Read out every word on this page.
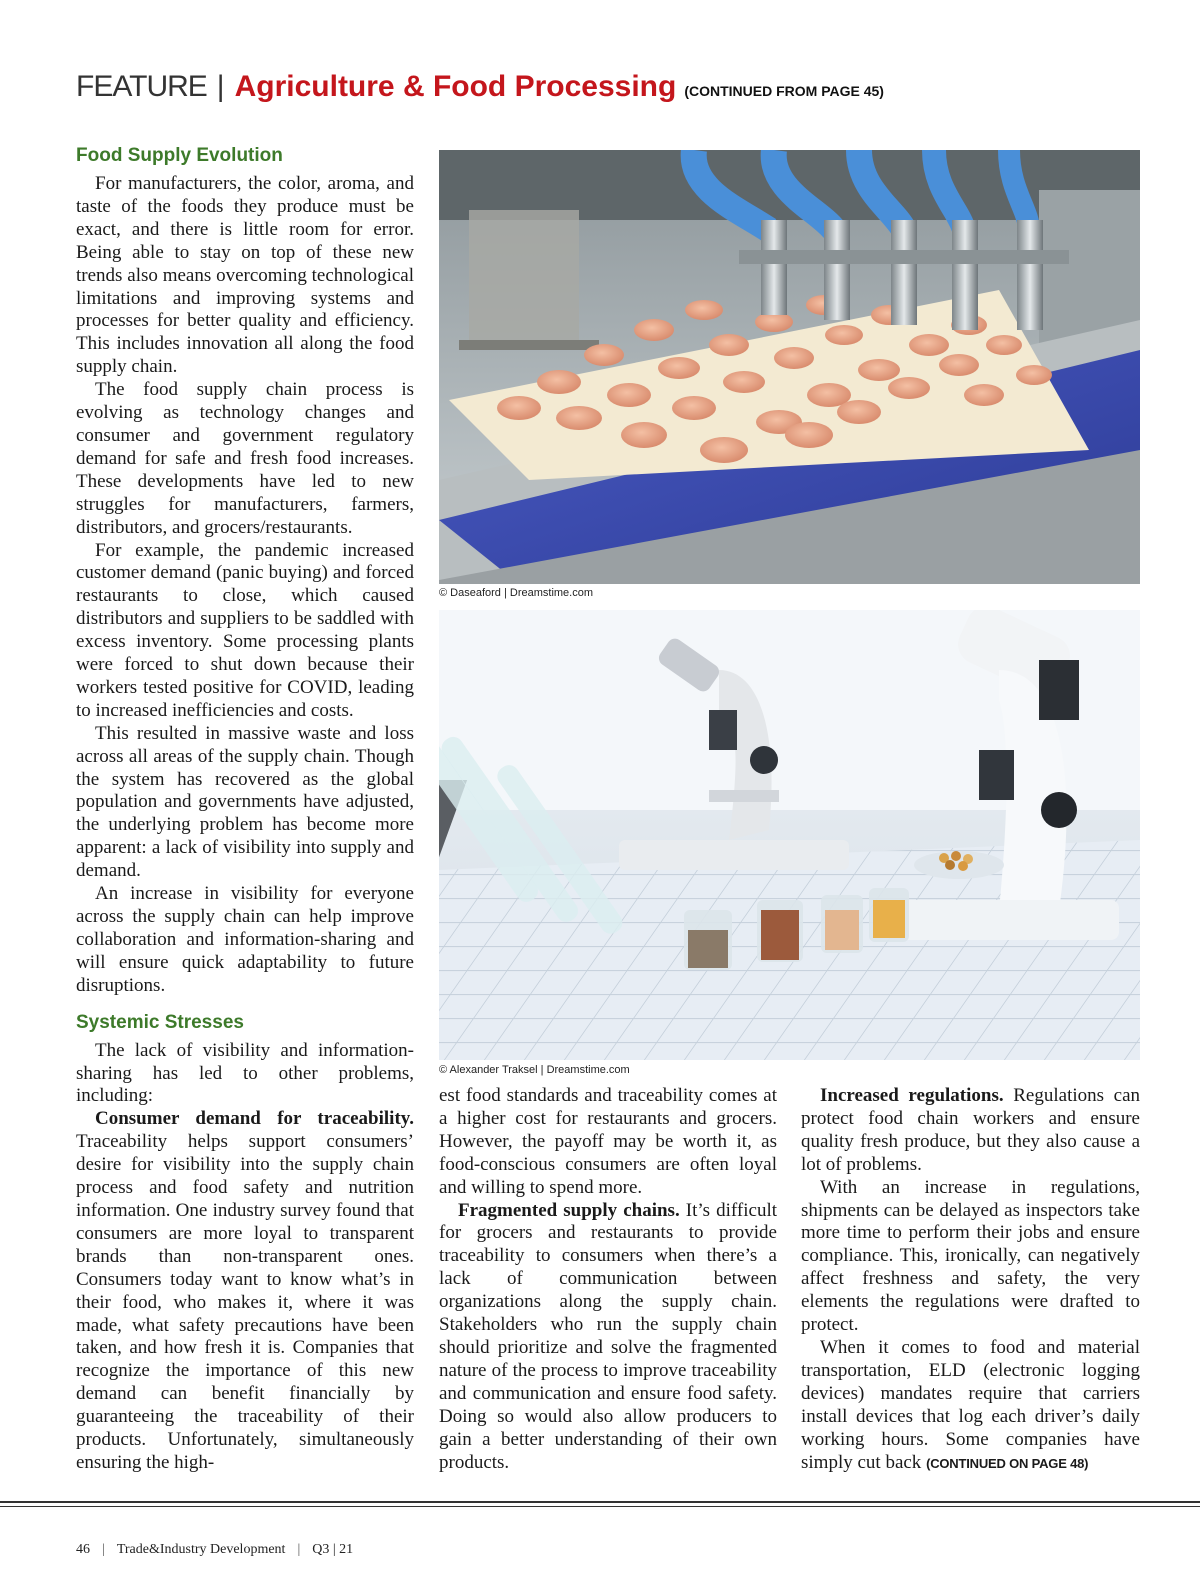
FEATURE | Agriculture & Food Processing (CONTINUED FROM PAGE 45)
Food Supply Evolution

For manufacturers, the color, aroma, and taste of the foods they produce must be exact, and there is little room for error. Being able to stay on top of these new trends also means overcoming technological limitations and improving systems and processes for better quality and efficiency. This includes innovation all along the food supply chain.

The food supply chain process is evolving as technology changes and consumer and government regulatory demand for safe and fresh food increases. These developments have led to new struggles for manufacturers, farmers, distributors, and grocers/restaurants.

For example, the pandemic increased customer demand (panic buying) and forced restaurants to close, which caused distributors and suppliers to be saddled with excess inventory. Some processing plants were forced to shut down because their workers tested positive for COVID, leading to increased inefficiencies and costs.

This resulted in massive waste and loss across all areas of the supply chain. Though the system has recovered as the global population and governments have adjusted, the underlying problem has become more apparent: a lack of visibility into supply and demand.

An increase in visibility for everyone across the supply chain can help improve collaboration and information-sharing and will ensure quick adaptability to future disruptions.

Systemic Stresses

The lack of visibility and information-sharing has led to other problems, including:

Consumer demand for traceability. Traceability helps support consumers’ desire for visibility into the supply chain process and food safety and nutrition information. One industry survey found that consumers are more loyal to transparent brands than non-transparent ones. Consumers today want to know what’s in their food, who makes it, where it was made, what safety precautions have been taken, and how fresh it is. Companies that recognize the importance of this new demand can benefit financially by guaranteeing the traceability of their products. Unfortunately, simultaneously ensuring the high-

© Daseaford | Dreamstime.com
© Alexander Traksel | Dreamstime.com

est food standards and traceability comes at a higher cost for restaurants and grocers. However, the payoff may be worth it, as food-conscious consumers are often loyal and willing to spend more.

Fragmented supply chains. It’s difficult for grocers and restaurants to provide traceability to consumers when there’s a lack of communication between organizations along the supply chain. Stakeholders who run the supply chain should prioritize and solve the fragmented nature of the process to improve traceability and communication and ensure food safety. Doing so would also allow producers to gain a better understanding of their own products.

Increased regulations. Regulations can protect food chain workers and ensure quality fresh produce, but they also cause a lot of problems.

With an increase in regulations, shipments can be delayed as inspectors take more time to perform their jobs and ensure compliance. This, ironically, can negatively affect freshness and safety, the very elements the regulations were drafted to protect.

When it comes to food and material transportation, ELD (electronic logging devices) mandates require that carriers install devices that log each driver’s daily working hours. Some companies have simply cut back (CONTINUED ON PAGE 48)

46 | Trade&Industry Development | Q3 | 21
